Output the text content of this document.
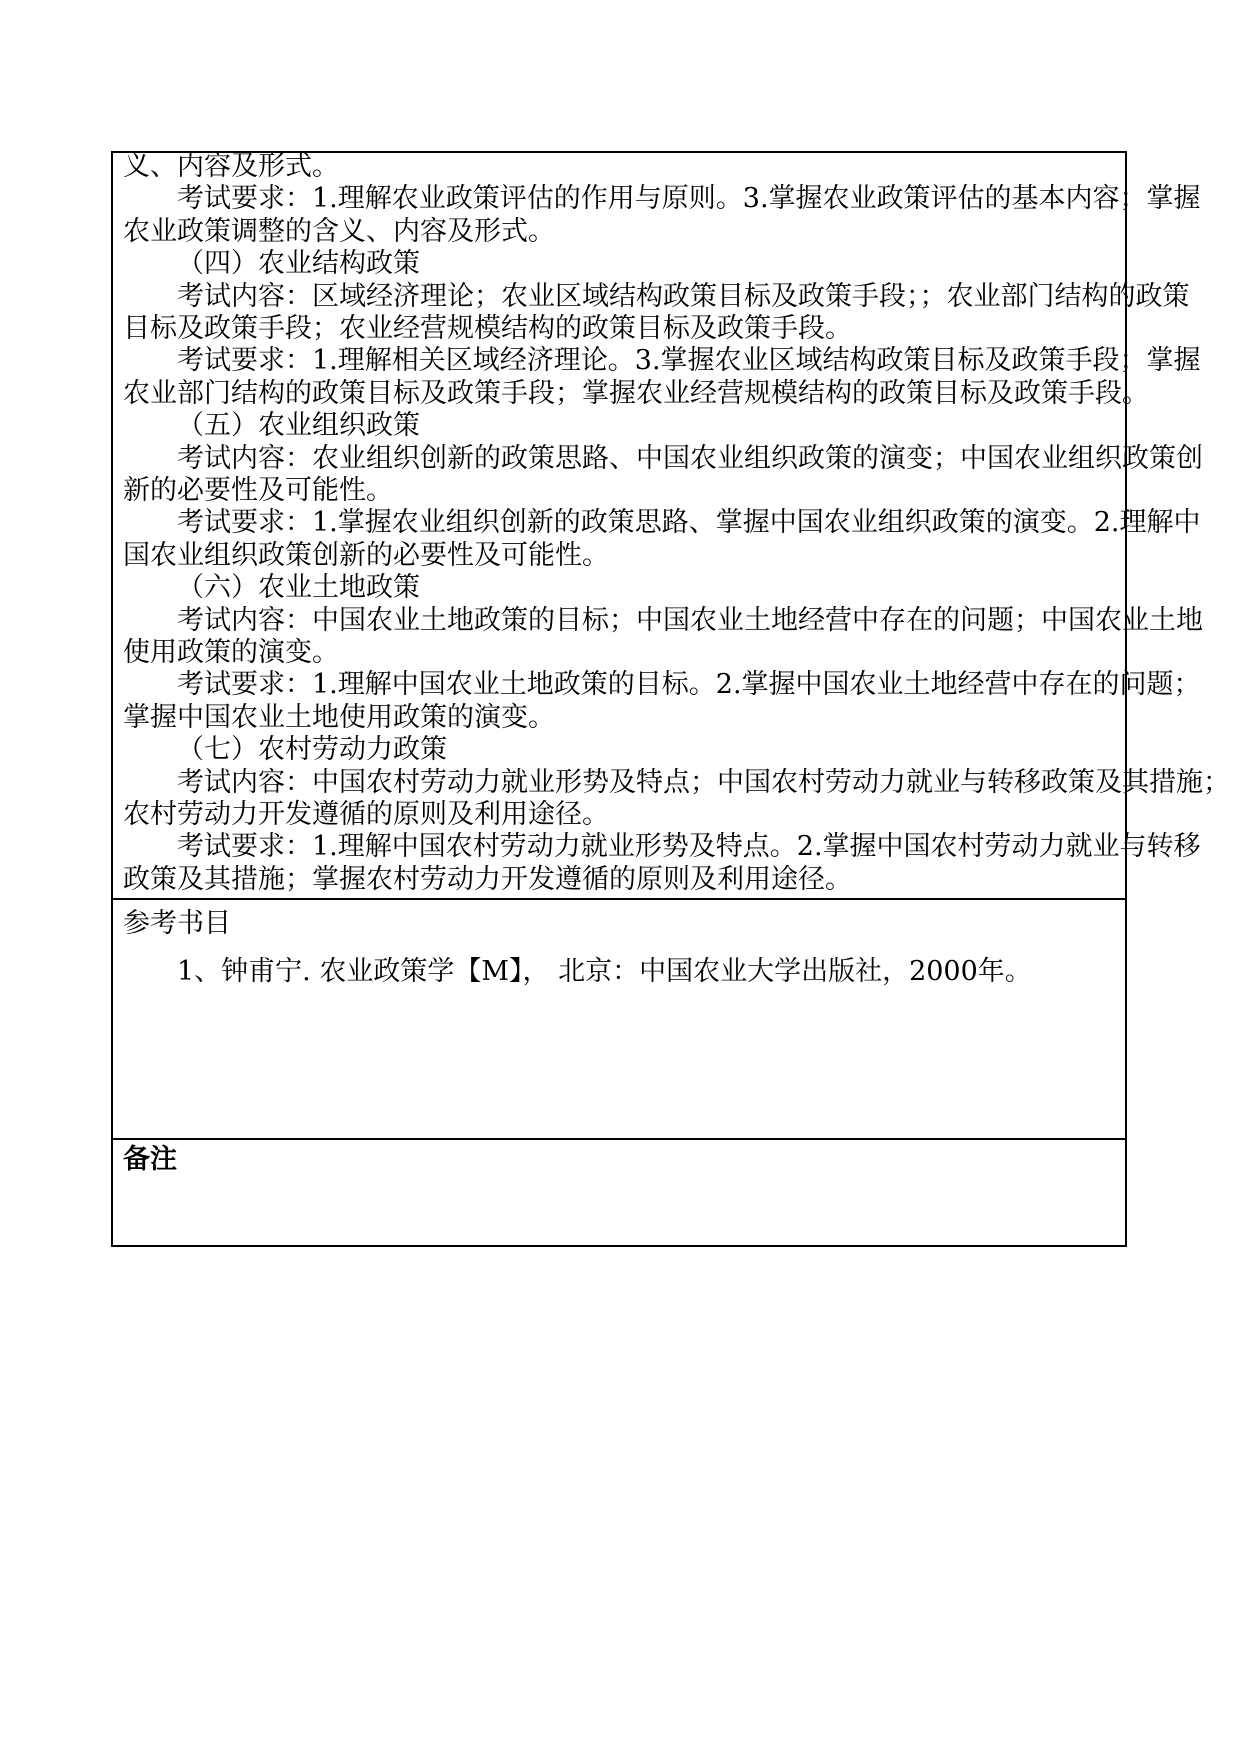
义、内容及形式。
考试要求：1.理解农业政策评估的作用与原则。3.掌握农业政策评估的基本内容；掌握
农业政策调整的含义、内容及形式。
（四）农业结构政策
考试内容：区域经济理论；农业区域结构政策目标及政策手段；；农业部门结构的政策
目标及政策手段；农业经营规模结构的政策目标及政策手段。
考试要求：1.理解相关区域经济理论。3.掌握农业区域结构政策目标及政策手段；掌握
农业部门结构的政策目标及政策手段；掌握农业经营规模结构的政策目标及政策手段。
（五）农业组织政策
考试内容：农业组织创新的政策思路、中国农业组织政策的演变；中国农业组织政策创
新的必要性及可能性。
考试要求：1.掌握农业组织创新的政策思路、掌握中国农业组织政策的演变。2.理解中
国农业组织政策创新的必要性及可能性。
（六）农业土地政策
考试内容：中国农业土地政策的目标；中国农业土地经营中存在的问题；中国农业土地
使用政策的演变。
考试要求：1.理解中国农业土地政策的目标。2.掌握中国农业土地经营中存在的问题；
掌握中国农业土地使用政策的演变。
（七）农村劳动力政策
考试内容：中国农村劳动力就业形势及特点；中国农村劳动力就业与转移政策及其措施；
农村劳动力开发遵循的原则及利用途径。
考试要求：1.理解中国农村劳动力就业形势及特点。2.掌握中国农村劳动力就业与转移
政策及其措施；掌握农村劳动力开发遵循的原则及利用途径。
参考书目
1、钟甫宁. 农业政策学【M】， 北京：中国农业大学出版社，2000年。
备注
